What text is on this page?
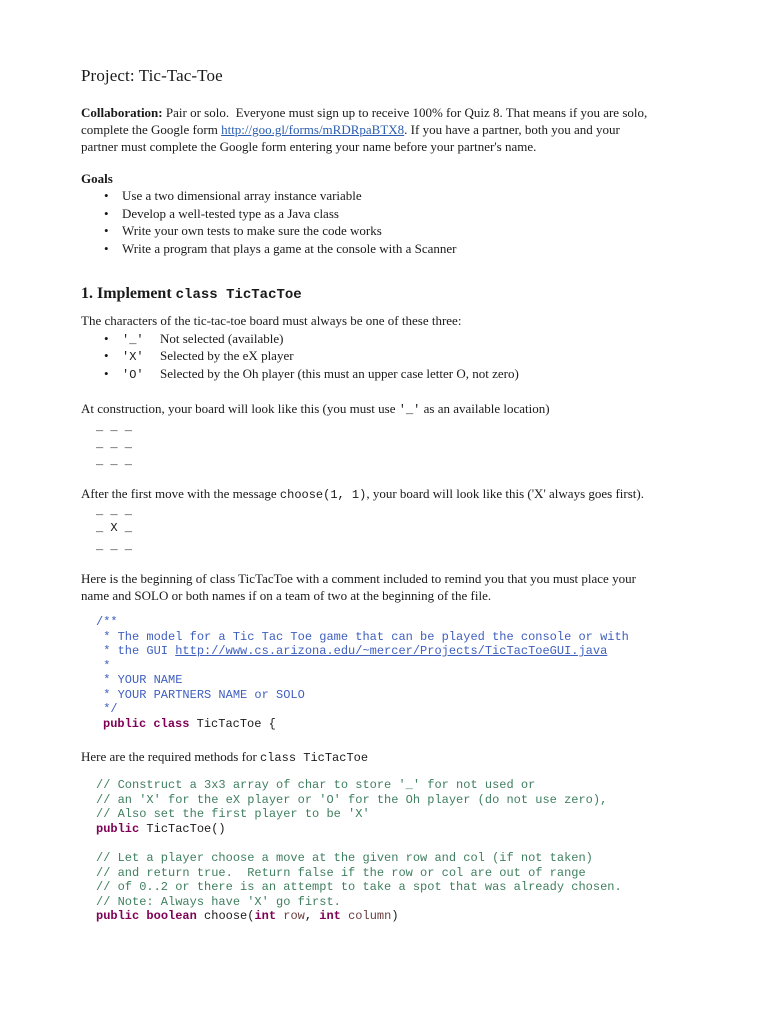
Project: Tic-Tac-Toe
Collaboration: Pair or solo.  Everyone must sign up to receive 100% for Quiz 8. That means if you are solo,
complete the Google form http://goo.gl/forms/mRDRpaBTX8. If you have a partner, both you and your
partner must complete the Google form entering your name before your partner's name.
Goals
• Use a two dimensional array instance variable
• Develop a well-tested type as a Java class
• Write your own tests to make sure the code works
• Write a program that plays a game at the console with a Scanner
1. Implement class TicTacToe
The characters of the tic-tac-toe board must always be one of these three:
• '_' Not selected (available)
• 'X' Selected by the eX player
• 'O' Selected by the Oh player (this must an upper case letter O, not zero)
At construction, your board will look like this (you must use '_' as an available location)
_ _ _
_ _ _
_ _ _
After the first move with the message choose(1, 1), your board will look like this ('X' always goes first).
_ _ _
_ X _
_ _ _
Here is the beginning of class TicTacToe with a comment included to remind you that you must place your
name and SOLO or both names if on a team of two at the beginning of the file.
/**
* The model for a Tic Tac Toe game that can be played the console or with
* the GUI http://www.cs.arizona.edu/~mercer/Projects/TicTacToeGUI.java
*
* YOUR NAME
* YOUR PARTNERS NAME or SOLO
*/
public class TicTacToe {
Here are the required methods for class TicTacToe
// Construct a 3x3 array of char to store '_' for not used or
// an 'X' for the eX player or 'O' for the Oh player (do not use zero),
// Also set the first player to be 'X'
public TicTacToe()
// Let a player choose a move at the given row and col (if not taken)
// and return true.  Return false if the row or col are out of range
// of 0..2 or there is an attempt to take a spot that was already chosen.
// Note: Always have 'X' go first.
public boolean choose(int row, int column)
